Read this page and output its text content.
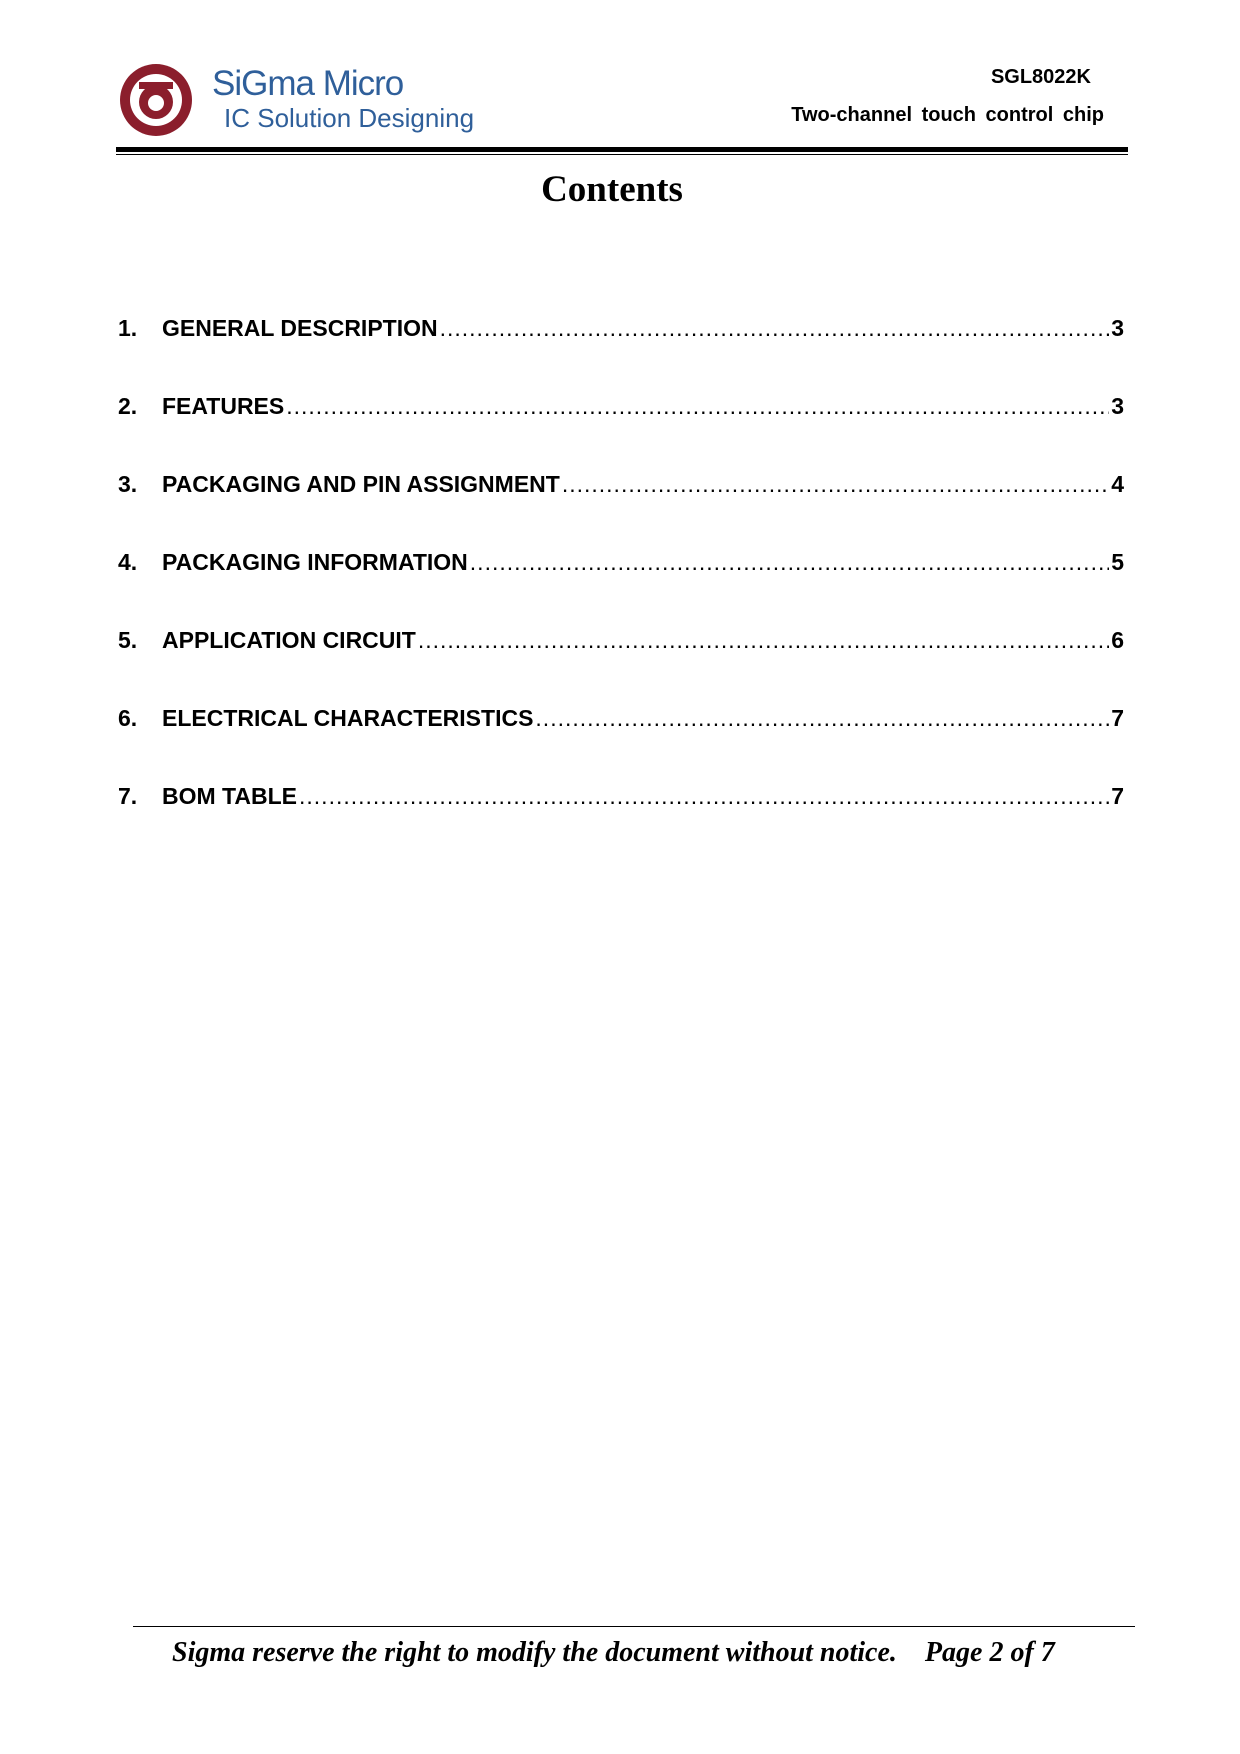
SiGma Micro
IC Solution Designing
SGL8022K
Two-channel touch control chip
Contents
1.	GENERAL DESCRIPTION .....	3
2.	FEATURES .....	3
3.	PACKAGING AND PIN ASSIGNMENT .....	4
4.	PACKAGING INFORMATION .....	5
5.	APPLICATION CIRCUIT .....	6
6.	ELECTRICAL CHARACTERISTICS .....	7
7.	BOM TABLE .....	7
Sigma reserve the right to modify the document without notice. Page 2 of 7
